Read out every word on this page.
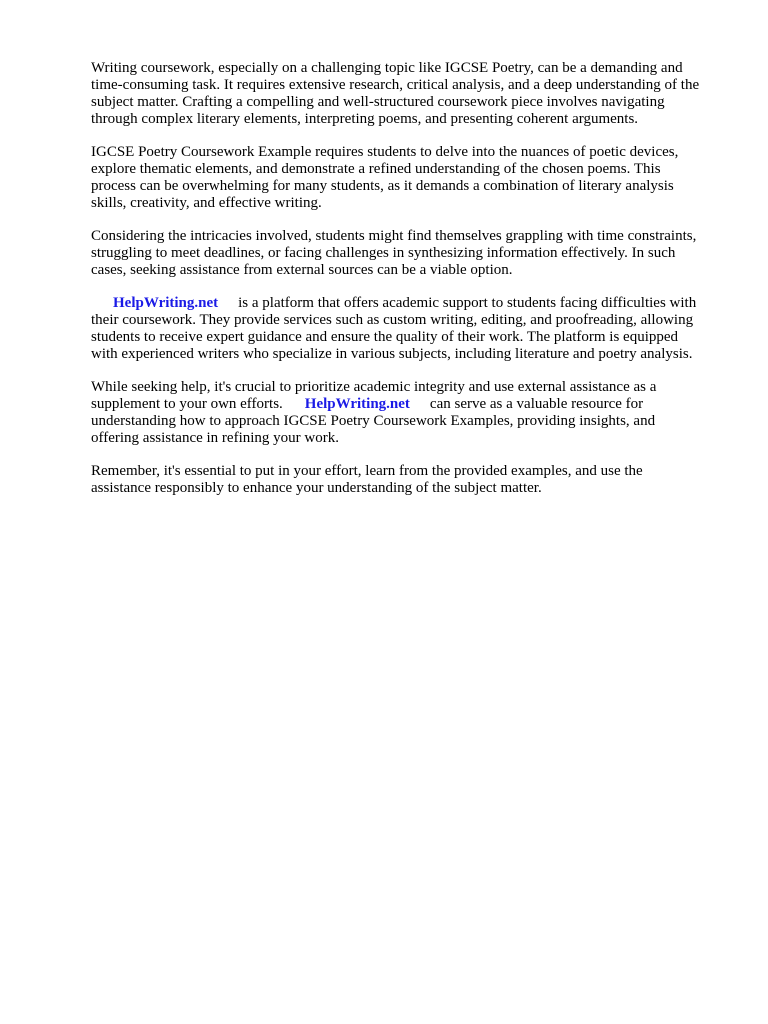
Writing coursework, especially on a challenging topic like IGCSE Poetry, can be a demanding and
time-consuming task. It requires extensive research, critical analysis, and a deep understanding of the
subject matter. Crafting a compelling and well-structured coursework piece involves navigating
through complex literary elements, interpreting poems, and presenting coherent arguments.

IGCSE Poetry Coursework Example requires students to delve into the nuances of poetic devices,
explore thematic elements, and demonstrate a refined understanding of the chosen poems. This
process can be overwhelming for many students, as it demands a combination of literary analysis
skills, creativity, and effective writing.

Considering the intricacies involved, students might find themselves grappling with time constraints,
struggling to meet deadlines, or facing challenges in synthesizing information effectively. In such
cases, seeking assistance from external sources can be a viable option.

HelpWriting.net is a platform that offers academic support to students facing difficulties with
their coursework. They provide services such as custom writing, editing, and proofreading, allowing
students to receive expert guidance and ensure the quality of their work. The platform is equipped
with experienced writers who specialize in various subjects, including literature and poetry analysis.

While seeking help, it's crucial to prioritize academic integrity and use external assistance as a
supplement to your own efforts. HelpWriting.net can serve as a valuable resource for
understanding how to approach IGCSE Poetry Coursework Examples, providing insights, and
offering assistance in refining your work.

Remember, it's essential to put in your effort, learn from the provided examples, and use the
assistance responsibly to enhance your understanding of the subject matter.
